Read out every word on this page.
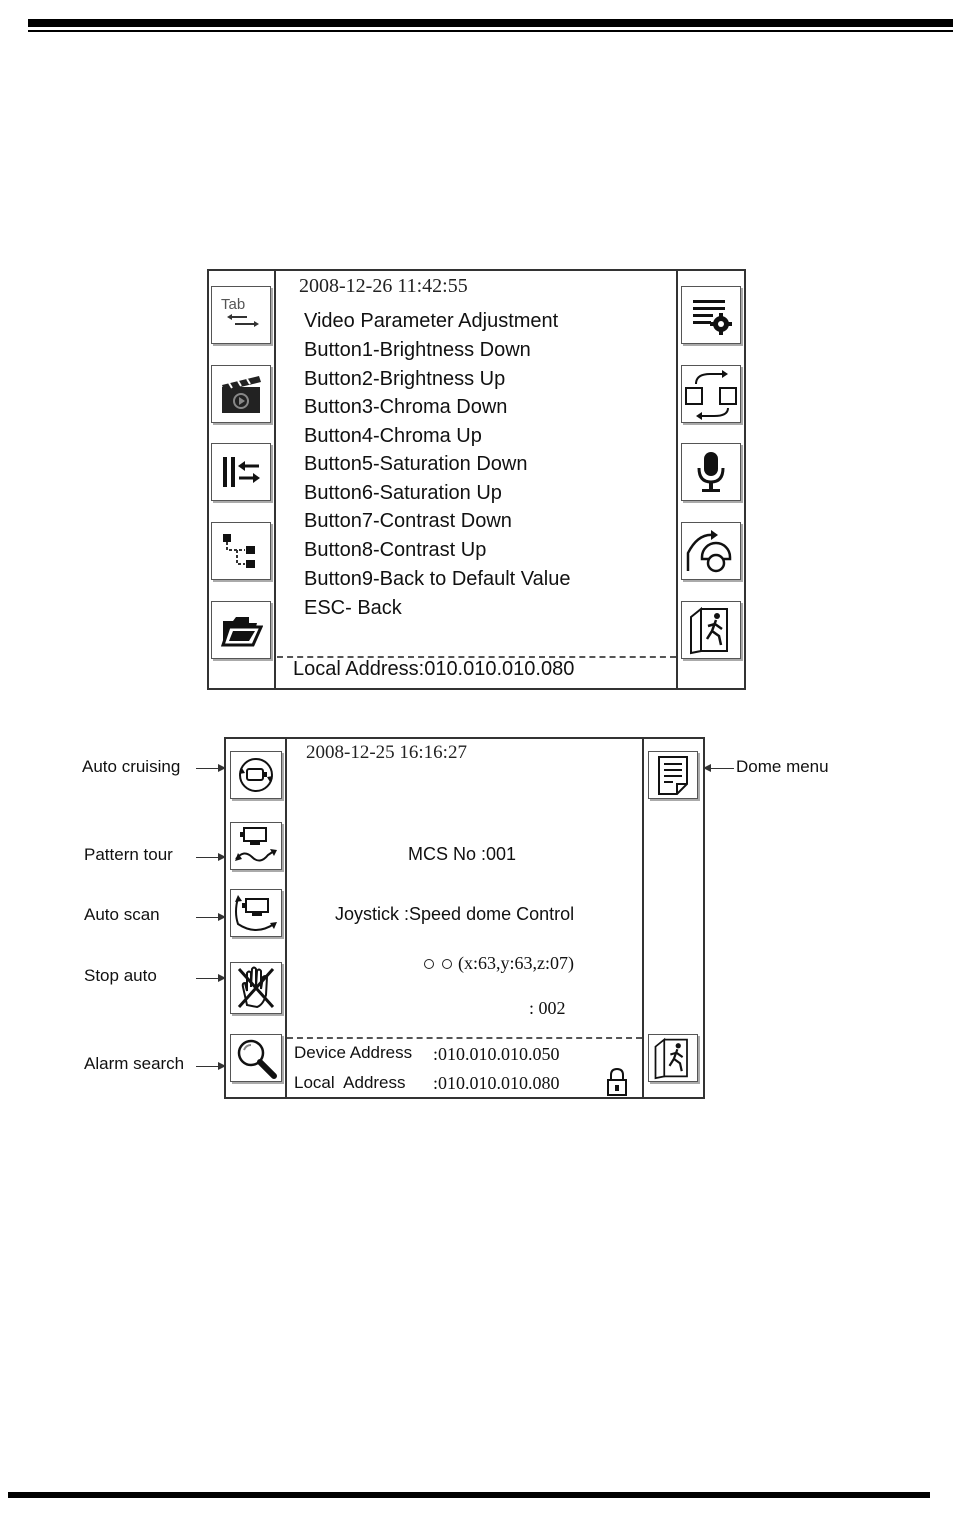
Tab
2008-12-26 11:42:55
Video Parameter Adjustment
Button1-Brightness Down
Button2-Brightness Up
Button3-Chroma Down
Button4-Chroma Up
Button5-Saturation Down
Button6-Saturation Up
Button7-Contrast Down
Button8-Contrast Up
Button9-Back to Default Value
ESC- Back
Local Address:010.010.010.080
2008-12-25 16:16:27
MCS No :001
Joystick :Speed dome Control
(x:63,y:63,z:07)
: 002
Device Address :010.010.010.050
Local  Address :010.010.010.080
Auto cruising
Pattern tour
Auto scan
Stop auto
Alarm search
Dome menu
